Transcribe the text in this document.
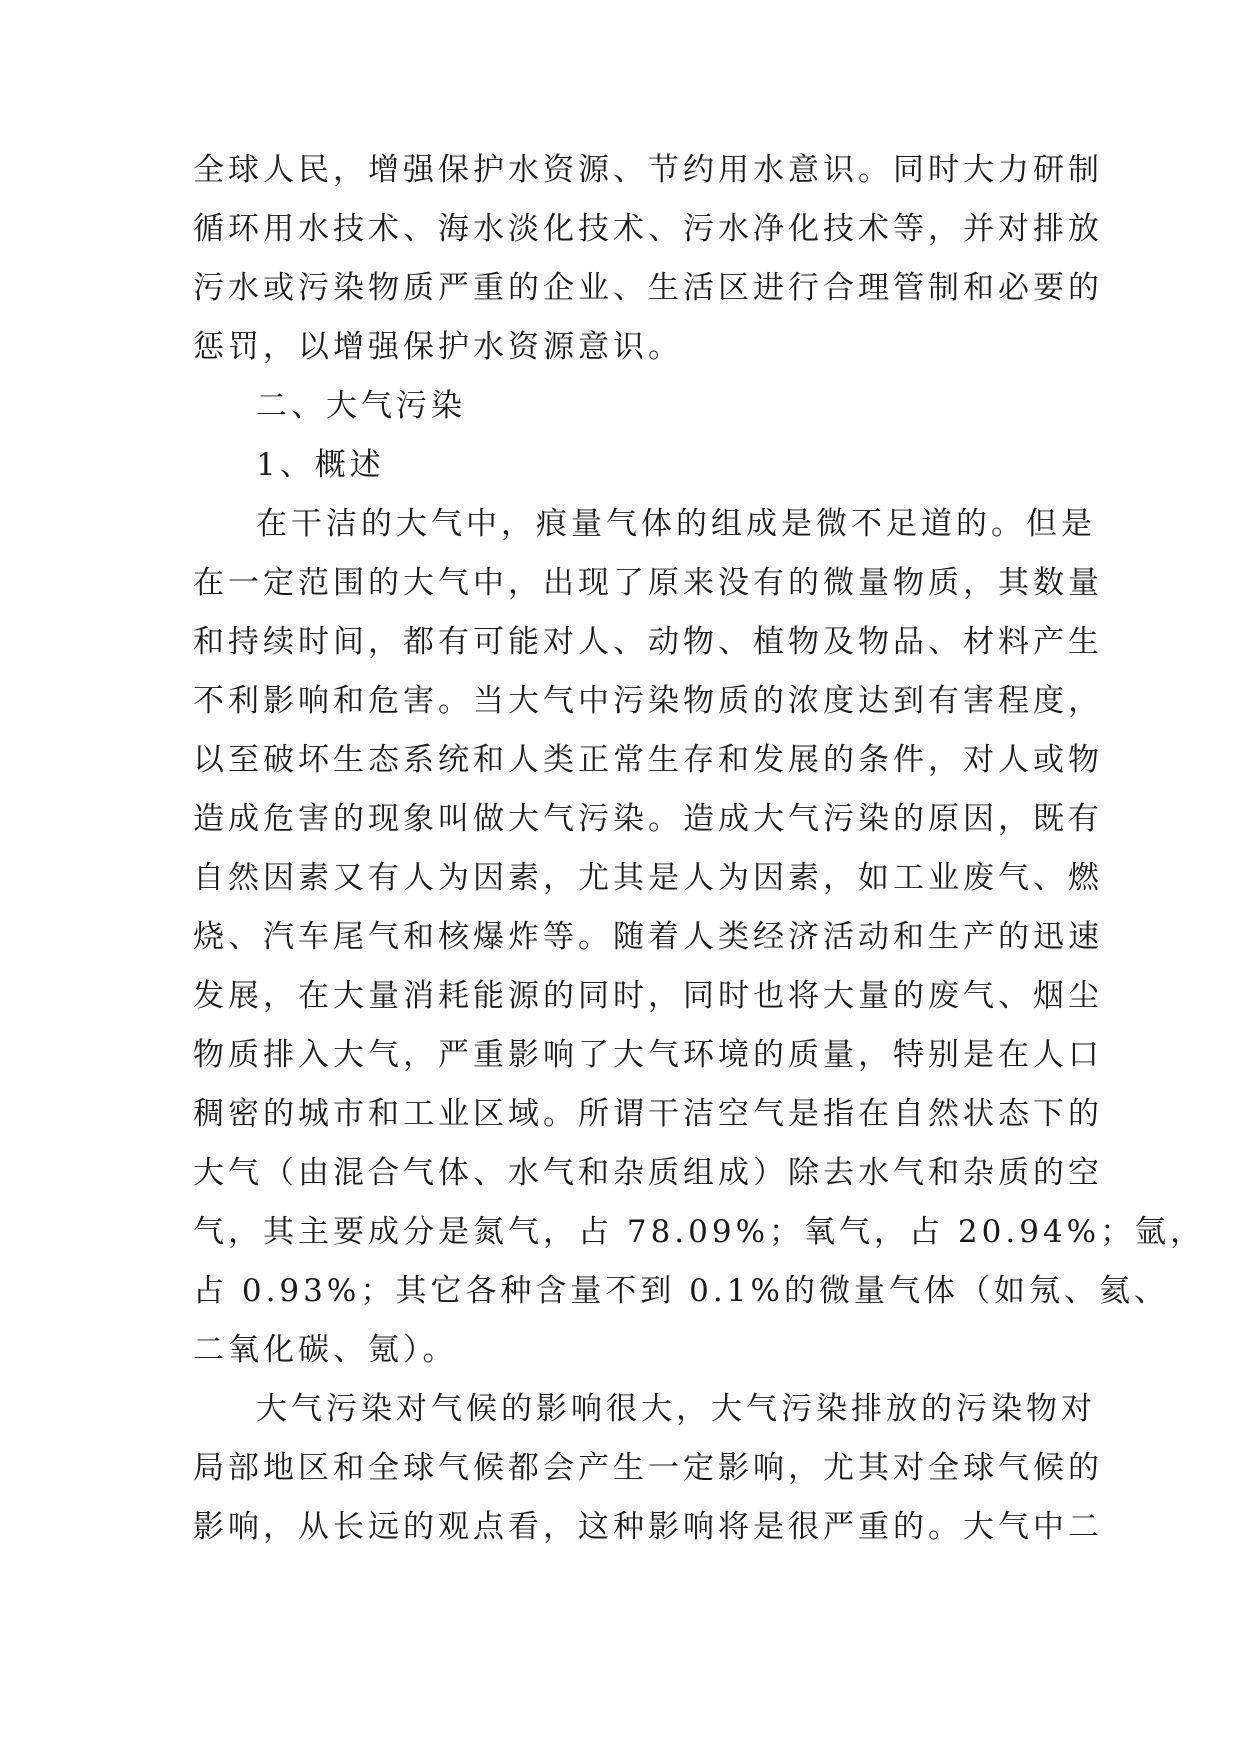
全球人民，增强保护水资源、节约用水意识。同时大力研制
循环用水技术、海水淡化技术、污水净化技术等，并对排放
污水或污染物质严重的企业、生活区进行合理管制和必要的
惩罚，以增强保护水资源意识。
二、大气污染
1、概述
在干洁的大气中，痕量气体的组成是微不足道的。但是
在一定范围的大气中，出现了原来没有的微量物质，其数量
和持续时间，都有可能对人、动物、植物及物品、材料产生
不利影响和危害。当大气中污染物质的浓度达到有害程度，
以至破坏生态系统和人类正常生存和发展的条件，对人或物
造成危害的现象叫做大气污染。造成大气污染的原因，既有
自然因素又有人为因素，尤其是人为因素，如工业废气、燃
烧、汽车尾气和核爆炸等。随着人类经济活动和生产的迅速
发展，在大量消耗能源的同时，同时也将大量的废气、烟尘
物质排入大气，严重影响了大气环境的质量，特别是在人口
稠密的城市和工业区域。所谓干洁空气是指在自然状态下的
大气（由混合气体、水气和杂质组成）除去水气和杂质的空
气，其主要成分是氮气，占 78.09%；氧气，占 20.94%；氩，
占 0.93%；其它各种含量不到 0.1%的微量气体（如氖、氦、
二氧化碳、氪）。
大气污染对气候的影响很大，大气污染排放的污染物对
局部地区和全球气候都会产生一定影响，尤其对全球气候的
影响，从长远的观点看，这种影响将是很严重的。大气中二
